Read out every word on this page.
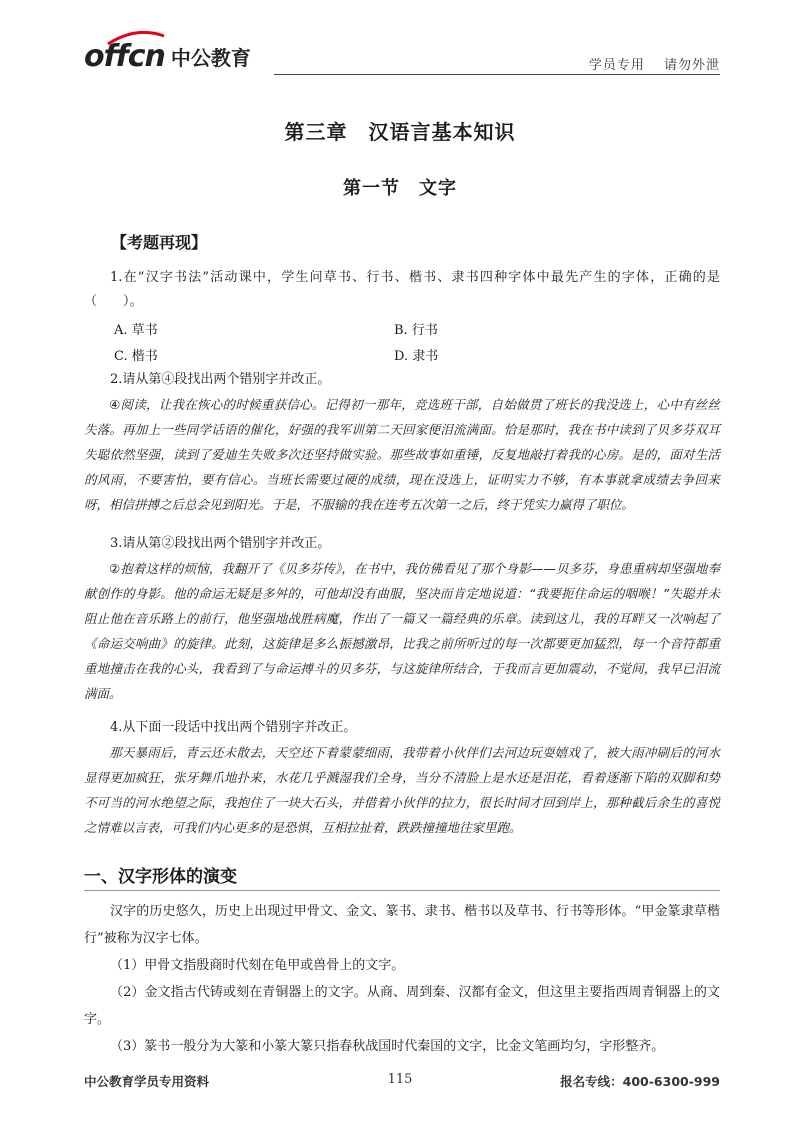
offcn 中公教育	学员专用 请勿外泄
第三章　汉语言基本知识
第一节　文字
【考题再现】

1.在“汉字书法”活动课中，学生问草书、行书、楷书、隶书四种字体中最先产生的字体，正确的是（　　）。

A. 草书	B. 行书
C. 楷书	D. 隶书

2.请从第④段找出两个错别字并改正。

④阅读，让我在恢心的时候重获信心。记得初一那年，竞选班干部，自始做贯了班长的我没选上，心中有丝丝失落。再加上一些同学话语的催化，好强的我军训第二天回家便泪流满面。恰是那时，我在书中读到了贝多芬双耳失聪依然坚强，读到了爱迪生失败多次还坚持做实验。那些故事如重锤，反复地敲打着我的心房。是的，面对生活的风雨，不要害怕，要有信心。当班长需要过硬的成绩，现在没选上，证明实力不够，有本事就拿成绩去争回来呀，相信拼搏之后总会见到阳光。于是，不服输的我在连考五次第一之后，终于凭实力赢得了职位。

3.请从第②段找出两个错别字并改正。

②抱着这样的烦恼，我翻开了《贝多芬传》，在书中，我仿佛看见了那个身影——贝多芬，身患重病却坚强地奉献创作的身影。他的命运无疑是多舛的，可他却没有曲服，坚决而肯定地说道：“我要扼住命运的咽喉！”失聪并未阻止他在音乐路上的前行，他坚强地战胜病魔，作出了一篇又一篇经典的乐章。读到这儿，我的耳畔又一次响起了《命运交响曲》的旋律。此刻，这旋律是多么振撼激昂，比我之前所听过的每一次都要更加猛烈，每一个音符都重重地撞击在我的心头，我看到了与命运搏斗的贝多芬，与这旋律所结合，于我而言更加震动，不觉间，我早已泪流满面。

4.从下面一段话中找出两个错别字并改正。

那天暴雨后，青云还未散去，天空还下着蒙蒙细雨，我带着小伙伴们去河边玩耍嬉戏了，被大雨冲刷后的河水显得更加疯狂，张牙舞爪地扑来，水花几乎溅湿我们全身，当分不清脸上是水还是泪花，看着逐渐下陷的双脚和势不可当的河水绝望之际，我抱住了一块大石头，并借着小伙伴的拉力，很长时间才回到岸上，那种截后余生的喜悦之情难以言表，可我们内心更多的是恐惧，互相拉扯着，跌跌撞撞地往家里跑。

一、汉字形体的演变

汉字的历史悠久，历史上出现过甲骨文、金文、篆书、隶书、楷书以及草书、行书等形体。“甲金篆隶草楷行”被称为汉字七体。

（1）甲骨文指殷商时代刻在龟甲或兽骨上的文字。

（2）金文指古代铸或刻在青铜器上的文字。从商、周到秦、汉都有金文，但这里主要指西周青铜器上的文字。

（3）篆书一般分为大篆和小篆大篆只指春秋战国时代秦国的文字，比金文笔画均匀，字形整齐。

中公教育学员专用资料	115	报名专线：400-6300-999
